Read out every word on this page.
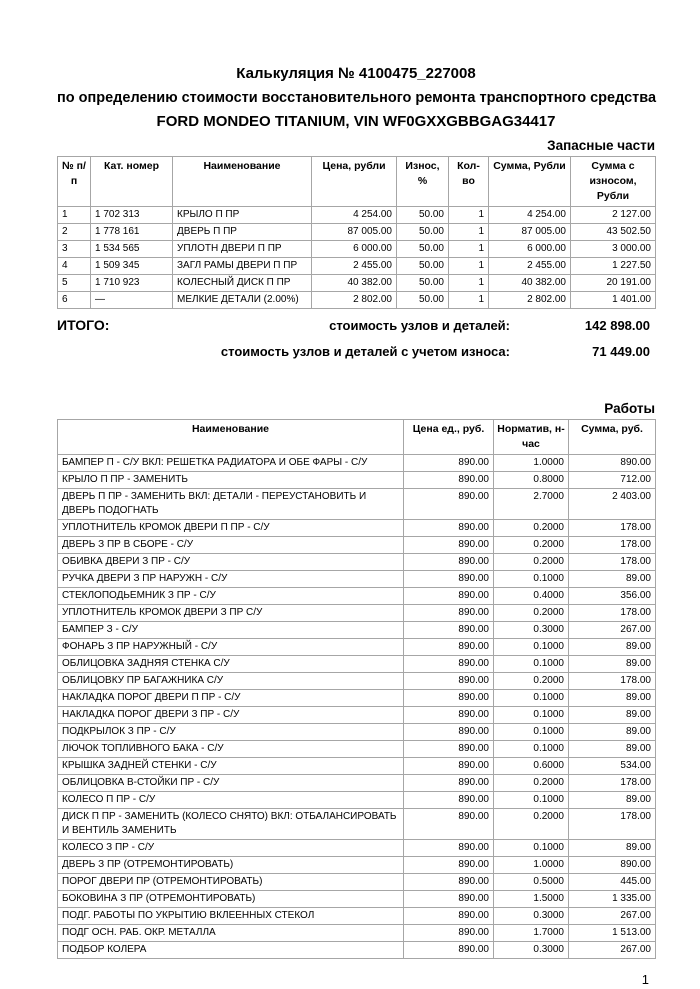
Калькуляция № 4100475_227008
по определению стоимости восстановительного ремонта транспортного средства
FORD MONDEO TITANIUM, VIN WF0GXXGBBGAG34417
Запасные части
№ п/п	Кат. номер	Наименование	Цена, рубли	Износ, %	Кол-во	Сумма, Рубли	Сумма с износом, Рубли
1	1 702 313	КРЫЛО П ПР	4 254.00	50.00	1	4 254.00	2 127.00
2	1 778 161	ДВЕРЬ П ПР	87 005.00	50.00	1	87 005.00	43 502.50
3	1 534 565	УПЛОТН ДВЕРИ П ПР	6 000.00	50.00	1	6 000.00	3 000.00
4	1 509 345	ЗАГЛ РАМЫ ДВЕРИ П ПР	2 455.00	50.00	1	2 455.00	1 227.50
5	1 710 923	КОЛЕСНЫЙ ДИСК П ПР	40 382.00	50.00	1	40 382.00	20 191.00
6	—	МЕЛКИЕ ДЕТАЛИ (2.00%)	2 802.00	50.00	1	2 802.00	1 401.00
ИТОГО:	стоимость узлов и деталей:	142 898.00
стоимость узлов и деталей с учетом износа:	71 449.00
Работы
Наименование	Цена ед., руб.	Норматив, н-час	Сумма, руб.
БАМПЕР П - С/У ВКЛ: РЕШЕТКА РАДИАТОРА И ОБЕ ФАРЫ - С/У	890.00	1.0000	890.00
КРЫЛО П ПР - ЗАМЕНИТЬ	890.00	0.8000	712.00
ДВЕРЬ П ПР - ЗАМЕНИТЬ ВКЛ: ДЕТАЛИ - ПЕРЕУСТАНОВИТЬ И ДВЕРЬ ПОДОГНАТЬ	890.00	2.7000	2 403.00
УПЛОТНИТЕЛЬ КРОМОК ДВЕРИ П ПР - С/У	890.00	0.2000	178.00
ДВЕРЬ З ПР В СБОРЕ - С/У	890.00	0.2000	178.00
ОБИВКА ДВЕРИ З ПР - С/У	890.00	0.2000	178.00
РУЧКА ДВЕРИ З ПР НАРУЖН - С/У	890.00	0.1000	89.00
СТЕКЛОПОДЬЕМНИК З ПР - С/У	890.00	0.4000	356.00
УПЛОТНИТЕЛЬ КРОМОК ДВЕРИ З ПР С/У	890.00	0.2000	178.00
БАМПЕР З - С/У	890.00	0.3000	267.00
ФОНАРЬ З ПР НАРУЖНЫЙ - С/У	890.00	0.1000	89.00
ОБЛИЦОВКА ЗАДНЯЯ СТЕНКА С/У	890.00	0.1000	89.00
ОБЛИЦОВКУ ПР БАГАЖНИКА С/У	890.00	0.2000	178.00
НАКЛАДКА ПОРОГ ДВЕРИ П ПР - С/У	890.00	0.1000	89.00
НАКЛАДКА ПОРОГ ДВЕРИ З ПР - С/У	890.00	0.1000	89.00
ПОДКРЫЛОК З ПР - С/У	890.00	0.1000	89.00
ЛЮЧОК ТОПЛИВНОГО БАКА - С/У	890.00	0.1000	89.00
КРЫШКА ЗАДНЕЙ СТЕНКИ - С/У	890.00	0.6000	534.00
ОБЛИЦОВКА В-СТОЙКИ ПР - С/У	890.00	0.2000	178.00
КОЛЕСО П ПР - С/У	890.00	0.1000	89.00
ДИСК П ПР - ЗАМЕНИТЬ (КОЛЕСО СНЯТО) ВКЛ: ОТБАЛАНСИРОВАТЬ И ВЕНТИЛЬ ЗАМЕНИТЬ	890.00	0.2000	178.00
КОЛЕСО З ПР - С/У	890.00	0.1000	89.00
ДВЕРЬ З ПР (ОТРЕМОНТИРОВАТЬ)	890.00	1.0000	890.00
ПОРОГ ДВЕРИ ПР (ОТРЕМОНТИРОВАТЬ)	890.00	0.5000	445.00
БОКОВИНА З ПР (ОТРЕМОНТИРОВАТЬ)	890.00	1.5000	1 335.00
ПОДГ. РАБОТЫ ПО УКРЫТИЮ ВКЛЕЕННЫХ СТЕКОЛ	890.00	0.3000	267.00
ПОДГ ОСН. РАБ. ОКР. МЕТАЛЛА	890.00	1.7000	1 513.00
ПОДБОР КОЛЕРА	890.00	0.3000	267.00
1
